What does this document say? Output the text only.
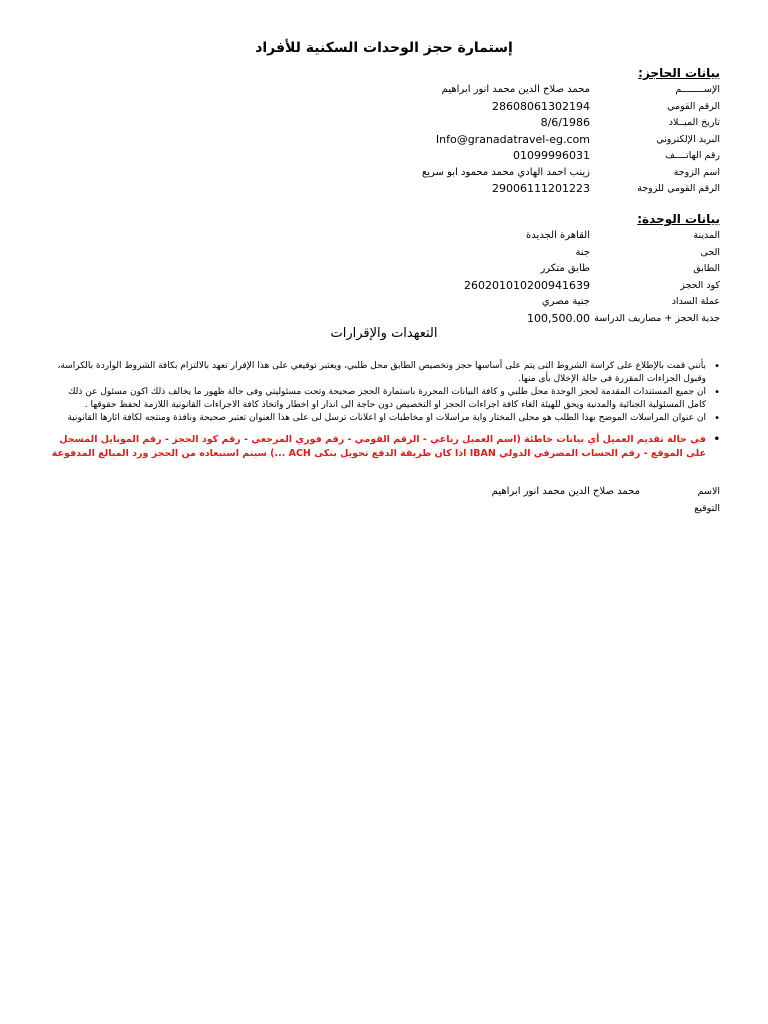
إستمارة حجز الوحدات السكنية للأفراد
بيانات الحاجز:
الإســــــــم
محمد صلاح الدين محمد انور ابراهيم
الرقم القومي
28608061302194
تاريخ الميــلاد
8/6/1986
البريد الإلكتروني
Info@granadatravel-eg.com
رقم الهاتــــف
01099996031
اسم الزوجة
زينب احمد الهادي محمد محمود ابو سريع
الرقم القومي للزوجة
29006111201223
بيانات الوحدة:
المدينة
القاهرة الجديدة
الحى
جنة
الطابق
طابق متكرر
كود الحجز
260201010200941639
عملة السداد
جنية مصري
جدية الحجز + مصاريف الدراسة
100,500.00
التعهدات والإقرارات
• بأنني قمت بالإطلاع على كراسة الشروط التى يتم على أساسها حجز وتخصيص الطابق محل طلبي، ويعتبر توقيعي على هذا الإقرار تعهد بالالتزام بكافة الشروط الواردة بالكراسة، وقبول الجزاءات المقررة فى حالة الإخلال بأى منها.
• ان جميع المستندات المقدمة لحجز الوحدة محل طلبي و كافة البيانات المحررة باستمارة الحجز صحيحة وتحت مسئوليتي وفى حالة ظهور ما يخالف ذلك اكون مسئول عن ذلك كامل المسئولية الجنائية والمدنية ويحق للهيئة الغاء كافة اجراءات الحجز او التخصيص دون حاجة الى انذار او اخطار واتخاذ كافة الاجراءات القانونية اللازمة لحفظ حقوقها .
• ان عنوان المراسلات الموضح بهذا الطلب هو محلى المختار واية مراسلات او مخاطبات او اعلانات ترسل لى على هذا العنوان تعتبر صحيحة ونافذة ومنتجه لكافة اثارها القانونية
• في حالة تقديم العميل أي بيانات خاطئة (اسم العميل رباعي - الرقم القومي - رقم فوري المرجعي - رقم كود الحجز - رقم الموبايل المسجل على الموقع - رقم الحساب المصرفي الدولي IBAN اذا كان طريقة الدفع تحويل بنكى ACH ...) سيتم استبعاده من الحجز ورد المبالغ المدفوعة
الاسم
محمد صلاح الدين محمد انور ابراهيم
التوقيع
